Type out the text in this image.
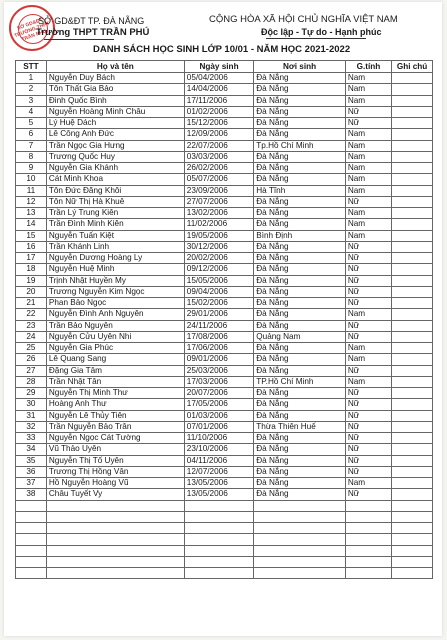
SỞ GD&ĐT TRƯỜNG THPT TRẦN PHÚ
SỞ GD&ĐT TP. ĐÀ NẴNG
Trường THPT TRẦN PHÚ
CỘNG HÒA XÃ HỘI CHỦ NGHĨA VIỆT NAM
Độc lập - Tự do - Hạnh phúc
DANH SÁCH HỌC SINH LỚP 10/01 - NĂM HỌC 2021-2022
STT	Họ và tên	Ngày sinh	Nơi sinh	G.tính	Ghi chú
1	Nguyễn Duy Bách	05/04/2006	Đà Nẵng	Nam	
2	Tôn Thất Gia Bảo	14/04/2006	Đà Nẵng	Nam	
3	Đinh Quốc Bình	17/11/2006	Đà Nẵng	Nam	
4	Nguyễn Hoàng Minh Châu	01/02/2006	Đà Nẵng	Nữ	
5	Lý Huệ Dách	15/12/2006	Đà Nẵng	Nữ	
6	Lê Công Anh Đức	12/09/2006	Đà Nẵng	Nam	
7	Trần Ngọc Gia Hưng	22/07/2006	Tp.Hồ Chí Minh	Nam	
8	Trương Quốc Huy	03/03/2006	Đà Nẵng	Nam	
9	Nguyễn Gia Khánh	26/02/2006	Đà Nẵng	Nam	
10	Cát Minh Khoa	05/07/2006	Đà Nẵng	Nam	
11	Tôn Đức Đăng Khôi	23/09/2006	Hà Tĩnh	Nam	
12	Tôn Nữ Thị Hà Khuê	27/07/2006	Đà Nẵng	Nữ	
13	Trần Lý Trung Kiên	13/02/2006	Đà Nẵng	Nam	
14	Trần Đình Minh Kiên	11/02/2006	Đà Nẵng	Nam	
15	Nguyễn Tuấn Kiệt	19/05/2006	Bình Định	Nam	
16	Trần Khánh Linh	30/12/2006	Đà Nẵng	Nữ	
17	Nguyễn Dương Hoàng Ly	20/02/2006	Đà Nẵng	Nữ	
18	Nguyễn Huệ Minh	09/12/2006	Đà Nẵng	Nữ	
19	Trịnh Nhật Huyền My	15/05/2006	Đà Nẵng	Nữ	
20	Trương Nguyễn Kim Ngọc	09/04/2006	Đà Nẵng	Nữ	
21	Phan Bảo Ngọc	15/02/2006	Đà Nẵng	Nữ	
22	Nguyễn Đình Anh Nguyên	29/01/2006	Đà Nẵng	Nam	
23	Trần Bảo Nguyên	24/11/2006	Đà Nẵng	Nữ	
24	Nguyễn Cửu Uyên Nhi	17/08/2006	Quảng Nam	Nữ	
25	Nguyễn Gia Phúc	17/06/2006	Đà Nẵng	Nam	
26	Lê Quang Sang	09/01/2006	Đà Nẵng	Nam	
27	Đặng Gia Tâm	25/03/2006	Đà Nẵng	Nữ	
28	Trần Nhật Tân	17/03/2006	TP.Hồ Chí Minh	Nam	
29	Nguyễn Thị Minh Thư	20/07/2006	Đà Nẵng	Nữ	
30	Hoàng Anh Thư	17/05/2006	Đà Nẵng	Nữ	
31	Nguyễn Lê Thủy Tiên	01/03/2006	Đà Nẵng	Nữ	
32	Trần Nguyễn Bảo Trân	07/01/2006	Thừa Thiên Huế	Nữ	
33	Nguyễn Ngọc Cát Tường	11/10/2006	Đà Nẵng	Nữ	
34	Vũ Thảo Uyên	23/10/2006	Đà Nẵng	Nữ	
35	Nguyễn Thị Tố Uyên	04/11/2006	Đà Nẵng	Nữ	
36	Trương Thị Hồng Vân	12/07/2006	Đà Nẵng	Nữ	
37	Hồ Nguyễn Hoàng Vũ	13/05/2006	Đà Nẵng	Nam	
38	Châu Tuyết Vy	13/05/2006	Đà Nẵng	Nữ	
